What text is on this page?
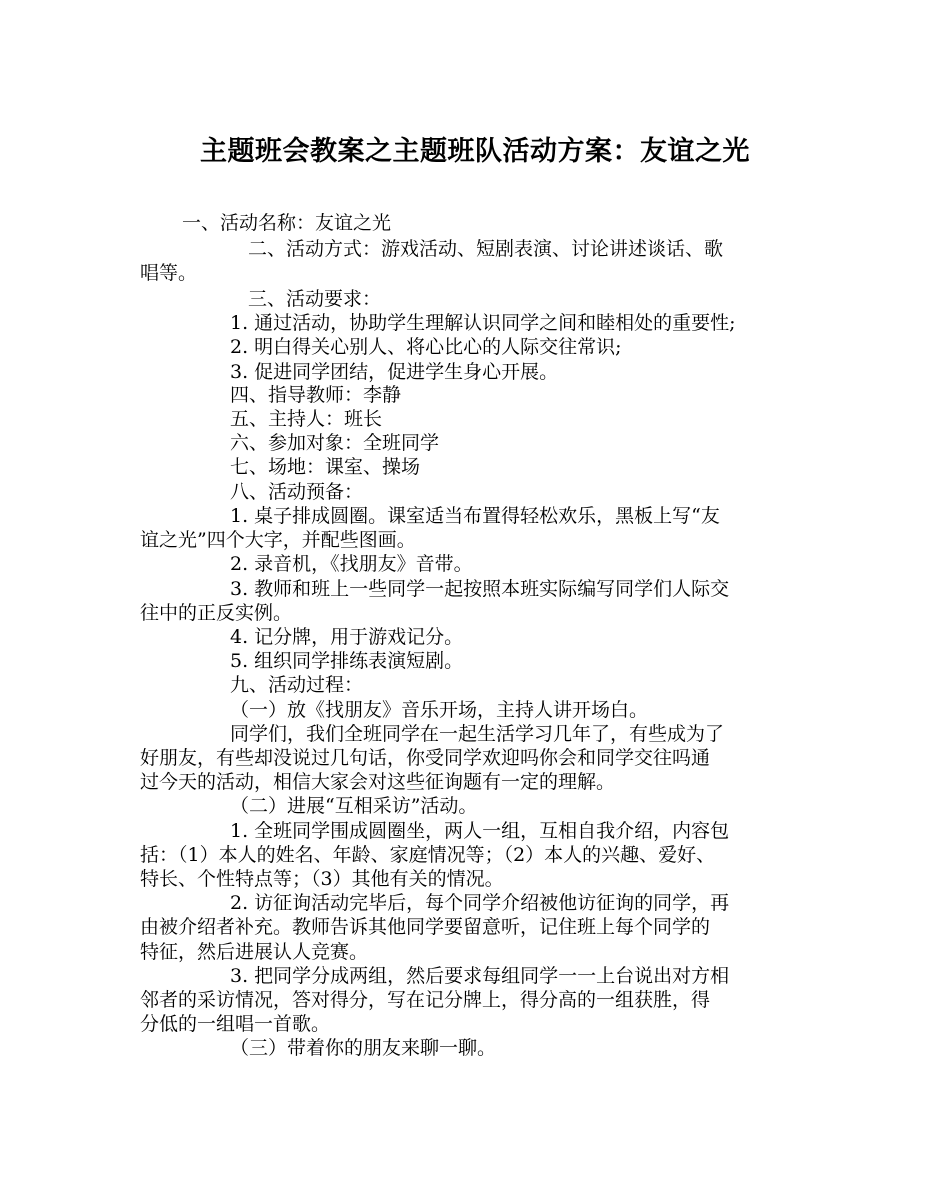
主题班会教案之主题班队活动方案：友谊之光
一、活动名称：友谊之光
二、活动方式：游戏活动、短剧表演、讨论讲述谈话、歌
唱等。
三、活动要求：
1. 通过活动，协助学生理解认识同学之间和睦相处的重要性;
2. 明白得关心别人、将心比心的人际交往常识;
3. 促进同学团结，促进学生身心开展。
四、指导教师：李静
五、主持人：班长
六、参加对象：全班同学
七、场地：课室、操场
八、活动预备：
1. 桌子排成圆圈。课室适当布置得轻松欢乐，黑板上写“友
谊之光”四个大字，并配些图画。
2. 录音机，《找朋友》音带。
3. 教师和班上一些同学一起按照本班实际编写同学们人际交
往中的正反实例。
4. 记分牌，用于游戏记分。
5. 组织同学排练表演短剧。
九、活动过程：
（一）放《找朋友》音乐开场，主持人讲开场白。
同学们，我们全班同学在一起生活学习几年了，有些成为了
好朋友，有些却没说过几句话，你受同学欢迎吗你会和同学交往吗通
过今天的活动，相信大家会对这些征询题有一定的理解。
（二）进展“互相采访”活动。
1. 全班同学围成圆圈坐，两人一组，互相自我介绍，内容包
括：（1）本人的姓名、年龄、家庭情况等；（2）本人的兴趣、爱好、
特长、个性特点等；（3）其他有关的情况。
2. 访征询活动完毕后，每个同学介绍被他访征询的同学，再
由被介绍者补充。教师告诉其他同学要留意听，记住班上每个同学的
特征，然后进展认人竞赛。
3. 把同学分成两组，然后要求每组同学一一上台说出对方相
邻者的采访情况，答对得分，写在记分牌上，得分高的一组获胜，得
分低的一组唱一首歌。
（三）带着你的朋友来聊一聊。
